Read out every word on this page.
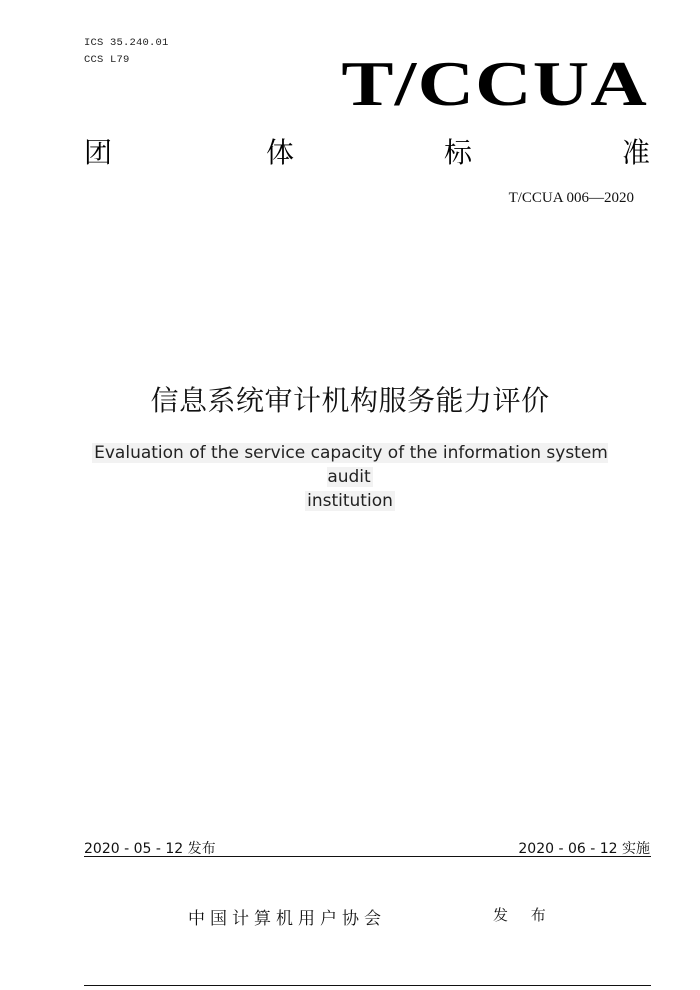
ICS 35.240.01
CCS L79	T/CCUA
团	体	标	准
T/CCUA 006—2020
信息系统审计机构服务能力评价
Evaluation of the service capacity of the information system audit
institution
2020 - 05 - 12 发布	2020 - 06 - 12 实施
中国计算机用户协会	发 布
